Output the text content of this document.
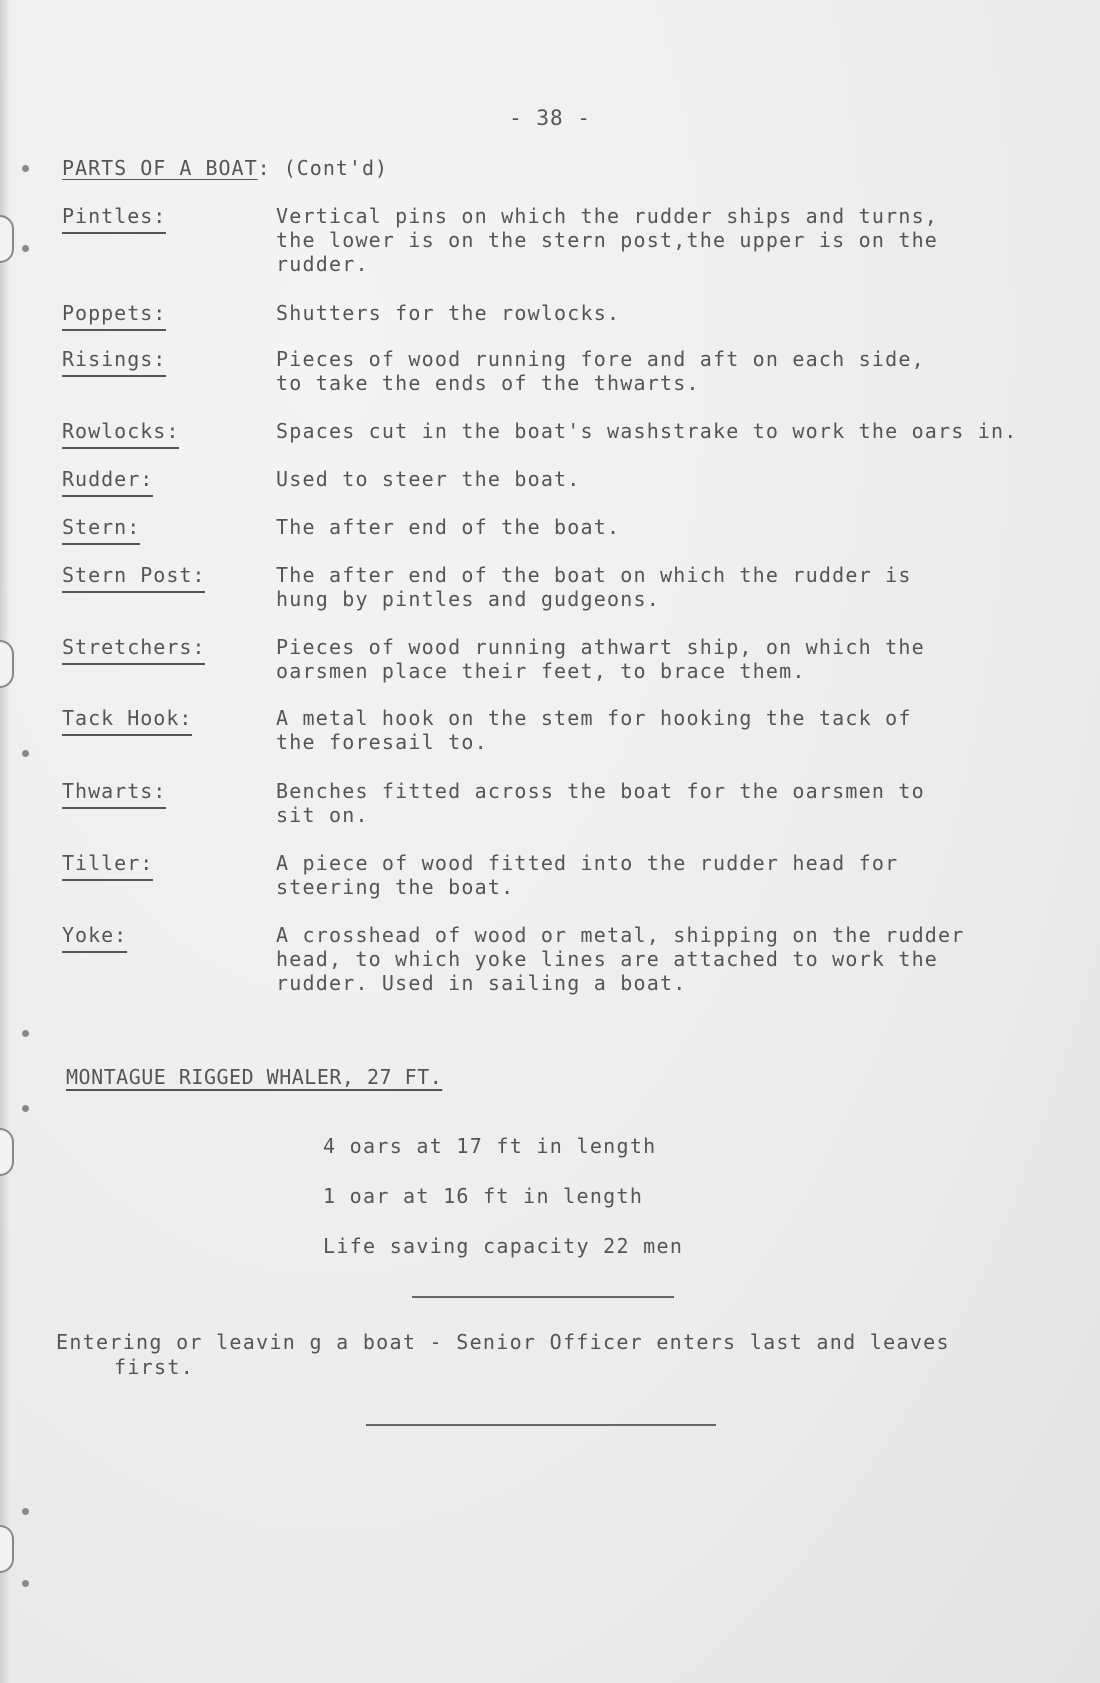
- 38 -
PARTS OF A BOAT: (Cont'd)
Pintles:	Vertical pins on which the rudder ships and turns,
the lower is on the stern post,the upper is on the
rudder.
Poppets:	Shutters for the rowlocks.
Risings:	Pieces of wood running fore and aft on each side,
to take the ends of the thwarts.
Rowlocks:	Spaces cut in the boat's washstrake to work the oars in.
Rudder:	Used to steer the boat.
Stern:	The after end of the boat.
Stern Post:	The after end of the boat on which the rudder is
hung by pintles and gudgeons.
Stretchers:	Pieces of wood running athwart ship, on which the
oarsmen place their feet, to brace them.
Tack Hook:	A metal hook on the stem for hooking the tack of
the foresail to.
Thwarts:	Benches fitted across the boat for the oarsmen to
sit on.
Tiller:	A piece of wood fitted into the rudder head for
steering the boat.
Yoke:	A crosshead of wood or metal, shipping on the rudder
head, to which yoke lines are attached to work the
rudder. Used in sailing a boat.
MONTAGUE RIGGED WHALER, 27 FT.
4 oars at 17 ft in length
1 oar at 16 ft in length
Life saving capacity 22 men
Entering or leavin g a boat - Senior Officer enters last and leaves
first.
